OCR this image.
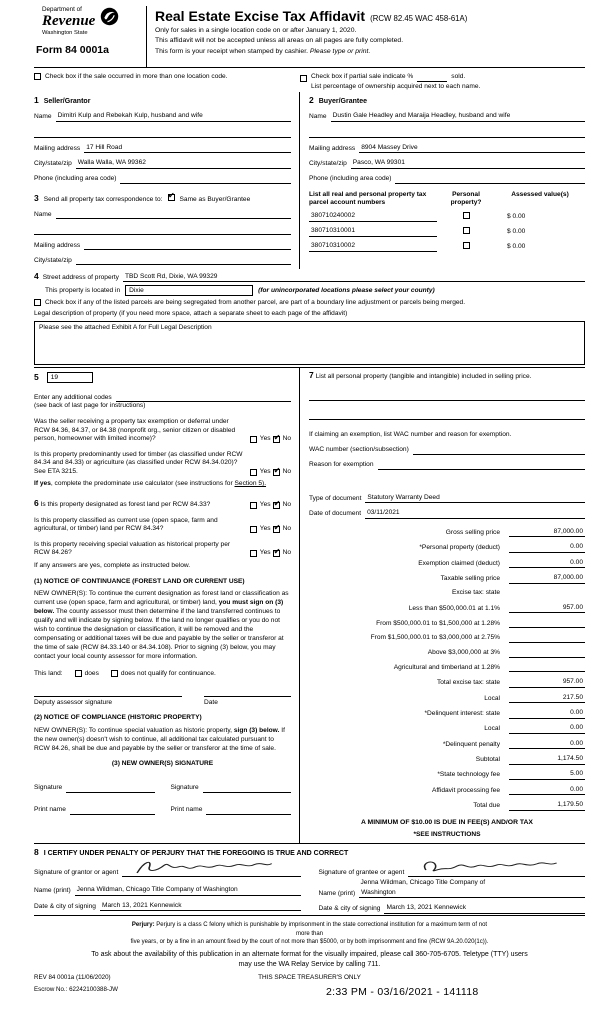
Department of
Revenue
Washington State
Form 84 0001a
Real Estate Excise Tax Affidavit (RCW 82.45 WAC 458-61A)
Only for sales in a single location code on or after January 1, 2020.
This affidavit will not be accepted unless all areas on all pages are fully completed.
This form is your receipt when stamped by cashier. Please type or print.
Check box if the sale occurred in more than one location code.	Check box if partial sale indicate %	sold.
List percentage of ownership acquired next to each name.
1 Seller/Grantor
Name Dimitri Kulp and Rebekah Kulp, husband and wife
Mailing address 17 Hill Road
City/state/zip Walla Walla, WA 99362
Phone (including area code)
3 Send all property tax correspondence to: ✔	Same as Buyer/Grantee
Name
Mailing address
City/state/zip
2 Buyer/Grantee
Name Dustin Gale Headley and Maraija Headley, husband and wife
Mailing address 8904 Massey Drive
City/state/zip Pasco, WA 99301
Phone (including area code)
List all real and personal property tax parcel account numbers
Personal property?
Assessed value(s)
380710240002	$ 0.00
380710310001	$ 0.00
380710310002	$ 0.00
4 Street address of property TBD Scott Rd, Dixie, WA 99329
This property is located in	Dixie	(for unincorporated locations please select your county)
Check box if any of the listed parcels are being segregated from another parcel, are part of a boundary line adjustment or parcels being merged.
Legal description of property (if you need more space, attach a separate sheet to each page of the affidavit)
Please see the attached Exhibit A for Full Legal Description
5	19
Enter any additional codes
(see back of last page for instructions)
Was the seller receiving a property tax exemption or deferral under RCW 84.36, 84.37, or 84.38 (nonprofit org., senior citizen or disabled person, homeowner with limited income)?	Yes ✔ No
Is this property predominantly used for timber (as classified under RCW 84.34 and 84.33) or agriculture (as classified under RCW 84.34.020)? See ETA 3215.	Yes ✔ No
If yes, complete the predominate use calculator (see instructions for Section 5).
6 Is this property designated as forest land per RCW 84.33?	Yes ✔ No
Is this property classified as current use (open space, farm and agricultural, or timber) land per RCW 84.34?	Yes ✔ No
Is this property receiving special valuation as historical property per RCW 84.26?	Yes ✔ No
If any answers are yes, complete as instructed below.
(1) NOTICE OF CONTINUANCE (FOREST LAND OR CURRENT USE)
NEW OWNER(S): To continue the current designation as forest land or classification as current use (open space, farm and agricultural, or timber) land, you must sign on (3) below. The county assessor must then determine if the land transferred continues to qualify and will indicate by signing below. If the land no longer qualifies or you do not wish to continue the designation or classification, it will be removed and the compensating or additional taxes will be due and payable by the seller or transferor at the time of sale (RCW 84.33.140 or 84.34.108). Prior to signing (3) below, you may contact your local county assessor for more information.
This land:	does	does not qualify for continuance.
Deputy assessor signature	Date
(2) NOTICE OF COMPLIANCE (HISTORIC PROPERTY)
NEW OWNER(S): To continue special valuation as historic property, sign (3) below. If the new owner(s) doesn't wish to continue, all additional tax calculated pursuant to RCW 84.26, shall be due and payable by the seller or transferor at the time of sale.
(3) NEW OWNER(S) SIGNATURE
Signature	Signature
Print name	Print name
7 List all personal property (tangible and intangible) included in selling price.
If claiming an exemption, list WAC number and reason for exemption.
WAC number (section/subsection)
Reason for exemption
Type of document Statutory Warranty Deed
Date of document 03/11/2021
Gross selling price	87,000.00
*Personal property (deduct)	0.00
Exemption claimed (deduct)	0.00
Taxable selling price	87,000.00
Excise tax: state
Less than $500,000.01 at 1.1%	957.00
From $500,000.01 to $1,500,000 at 1.28%
From $1,500,000.01 to $3,000,000 at 2.75%
Above $3,000,000 at 3%
Agricultural and timberland at 1.28%
Total excise tax: state	957.00
Local	217.50
*Delinquent interest: state	0.00
Local	0.00
*Delinquent penalty	0.00
Subtotal	1,174.50
*State technology fee	5.00
Affidavit processing fee	0.00
Total due	1,179.50
A MINIMUM OF $10.00 IS DUE IN FEE(S) AND/OR TAX
*SEE INSTRUCTIONS
8 I CERTIFY UNDER PENALTY OF PERJURY THAT THE FOREGOING IS TRUE AND CORRECT
Signature of grantor or agent
Name (print) Jenna Wildman, Chicago Title Company of Washington
Date & city of signing March 13, 2021 Kennewick
Signature of grantee or agent
Jenna Wildman, Chicago Title Company of
Name (print) Washington
Date & city of signing March 13, 2021 Kennewick
Perjury: Perjury is a class C felony which is punishable by imprisonment in the state correctional institution for a maximum term of not
more than
five years, or by a fine in an amount fixed by the court of not more than $5000, or by both imprisonment and fine (RCW 9A.20.020(1c)).
To ask about the availability of this publication in an alternate format for the visually impaired, please call 360-705-6705. Teletype (TTY) users may use the WA Relay Service by calling 711.
REV 84 0001a (11/06/2020)	THIS SPACE TREASURER'S ONLY
Escrow No.: 62242100388-JW	2:33 PM - 03/16/2021 - 141118
